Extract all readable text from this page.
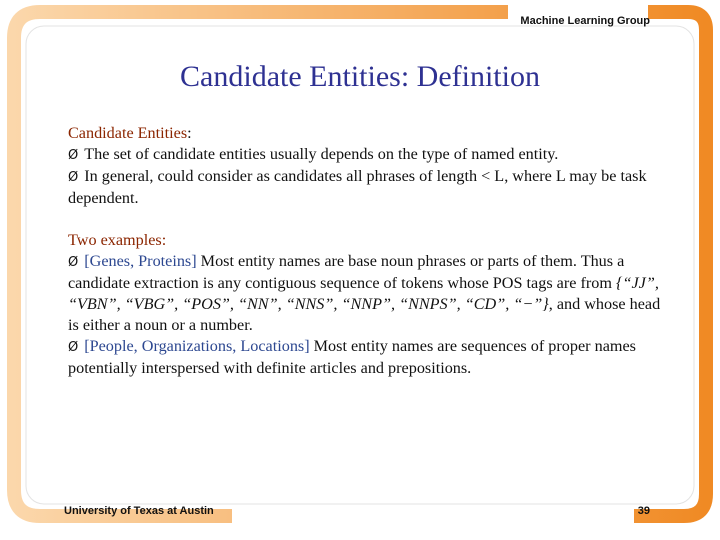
Machine Learning Group
Candidate Entities: Definition

Candidate Entities:

Ø The set of candidate entities usually depends on the type of named entity.

Ø In general, could consider as candidates all phrases of length < L, where L may be task dependent.

Two examples:

Ø [Genes, Proteins] Most entity names are base noun phrases or parts of them. Thus a candidate extraction is any contiguous sequence of tokens whose POS tags are from {“JJ”, “VBN”, “VBG”, “POS”, “NN”, “NNS”, “NNP”, “NNPS”, “CD”, “−”}, and whose head is either a noun or a number.

Ø [People, Organizations, Locations] Most entity names are sequences of proper names potentially interspersed with definite articles and prepositions.

University of Texas at Austin	39
